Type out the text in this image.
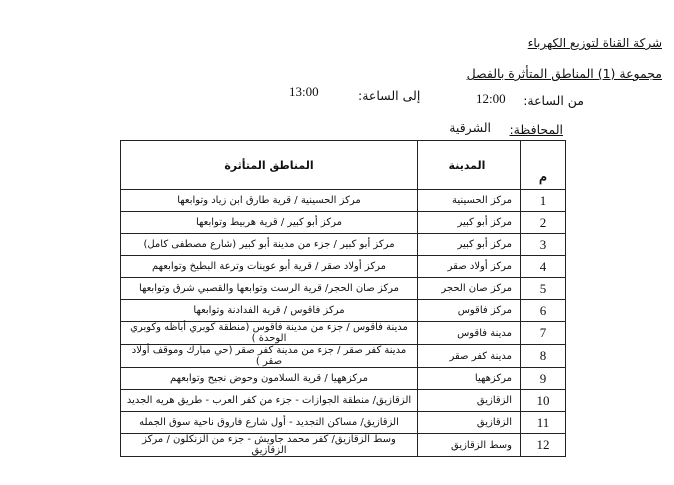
شركة القناة لتوزيع الكهرباء
مجموعة (1) المناطق المتأثرة بالفصل
من الساعة:
12:00
إلى الساعة:
13:00
المحافظة:
الشرقية
م	المدينة	المناطق المتأثرة
1	مركز الحسينية	مركز الحسينية / قرية طارق ابن زياد وتوابعها
2	مركز أبو كبير	مركز أبو كبير / قرية هربيط وتوابعها
3	مركز أبو كبير	مركز أبو كبير / جزء من مدينة أبو كبير (شارع مصطفى كامل)
4	مركز أولاد صقر	مركز أولاد صقر / قرية أبو عوينات وترعة البطيخ وتوابعهم
5	مركز صان الحجر	مركز صان الحجر/ قرية الرست وتوابعها والقصبي شرق وتوابعها
6	مركز فاقوس	مركز فاقوس / قرية الفدادنة وتوابعها
7	مدينة فاقوس	مدينة فاقوس / جزء من مدينة فاقوس (منطقة كوبري أباظه وكوبري الوحدة )
8	مدينة كفر صقر	مدينة كفر صقر / جزء من مدينة كفر صقر (حي مبارك وموقف أولاد صقر )
9	مركزههيا	مركزههيا / قرية السلامون وحوض نجيح وتوابعهم
10	الزقازيق	الزقازيق/ منطقة الجوازات - جزء من كفر العرب - طريق هريه الجديد
11	الزقازيق	الزقازيق/ مساكن التجديد - أول شارع فاروق ناحية سوق الجمله
12	وسط الزقازيق	وسط الزقازيق/ كفر محمد جاويش - جزء من الزنكلون / مركز الزقازيق
